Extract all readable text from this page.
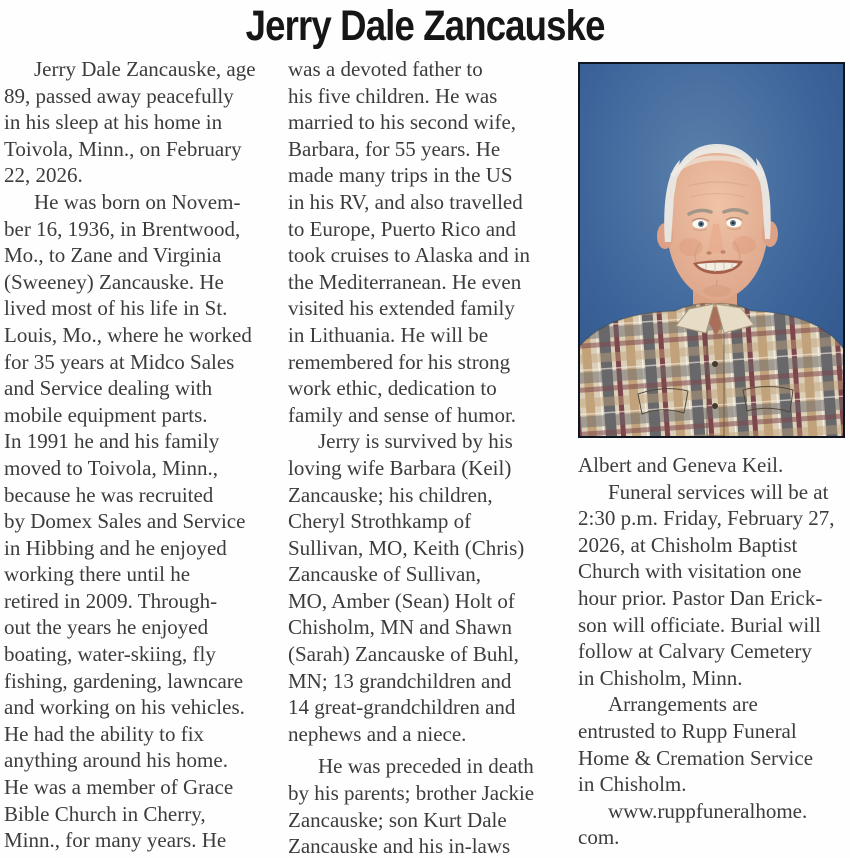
Jerry Dale Zancauske
Jerry Dale Zancauske, age
89, passed away peacefully
in his sleep at his home in
Toivola, Minn., on February
22, 2026.
He was born on Novem-
ber 16, 1936, in Brentwood,
Mo., to Zane and Virginia
(Sweeney) Zancauske. He
lived most of his life in St.
Louis, Mo., where he worked
for 35 years at Midco Sales
and Service dealing with
mobile equipment parts.
In 1991 he and his family
moved to Toivola, Minn.,
because he was recruited
by Domex Sales and Service
in Hibbing and he enjoyed
working there until he
retired in 2009. Through-
out the years he enjoyed
boating, water-skiing, fly
fishing, gardening, lawncare
and working on his vehicles.
He had the ability to fix
anything around his home.
He was a member of Grace
Bible Church in Cherry,
Minn., for many years. He
was a devoted father to
his five children. He was
married to his second wife,
Barbara, for 55 years. He
made many trips in the US
in his RV, and also travelled
to Europe, Puerto Rico and
took cruises to Alaska and in
the Mediterranean. He even
visited his extended family
in Lithuania. He will be
remembered for his strong
work ethic, dedication to
family and sense of humor.
Jerry is survived by his
loving wife Barbara (Keil)
Zancauske; his children,
Cheryl Strothkamp of
Sullivan, MO, Keith (Chris)
Zancauske of Sullivan,
MO, Amber (Sean) Holt of
Chisholm, MN and Shawn
(Sarah) Zancauske of Buhl,
MN; 13 grandchildren and
14 great-grandchildren and
nephews and a niece.
He was preceded in death
by his parents; brother Jackie
Zancauske; son Kurt Dale
Zancauske and his in-laws
Albert and Geneva Keil.
Funeral services will be at
2:30 p.m. Friday, February 27,
2026, at Chisholm Baptist
Church with visitation one
hour prior. Pastor Dan Erick-
son will officiate. Burial will
follow at Calvary Cemetery
in Chisholm, Minn.
Arrangements are
entrusted to Rupp Funeral
Home & Cremation Service
in Chisholm.
www.ruppfuneralhome.
com.
